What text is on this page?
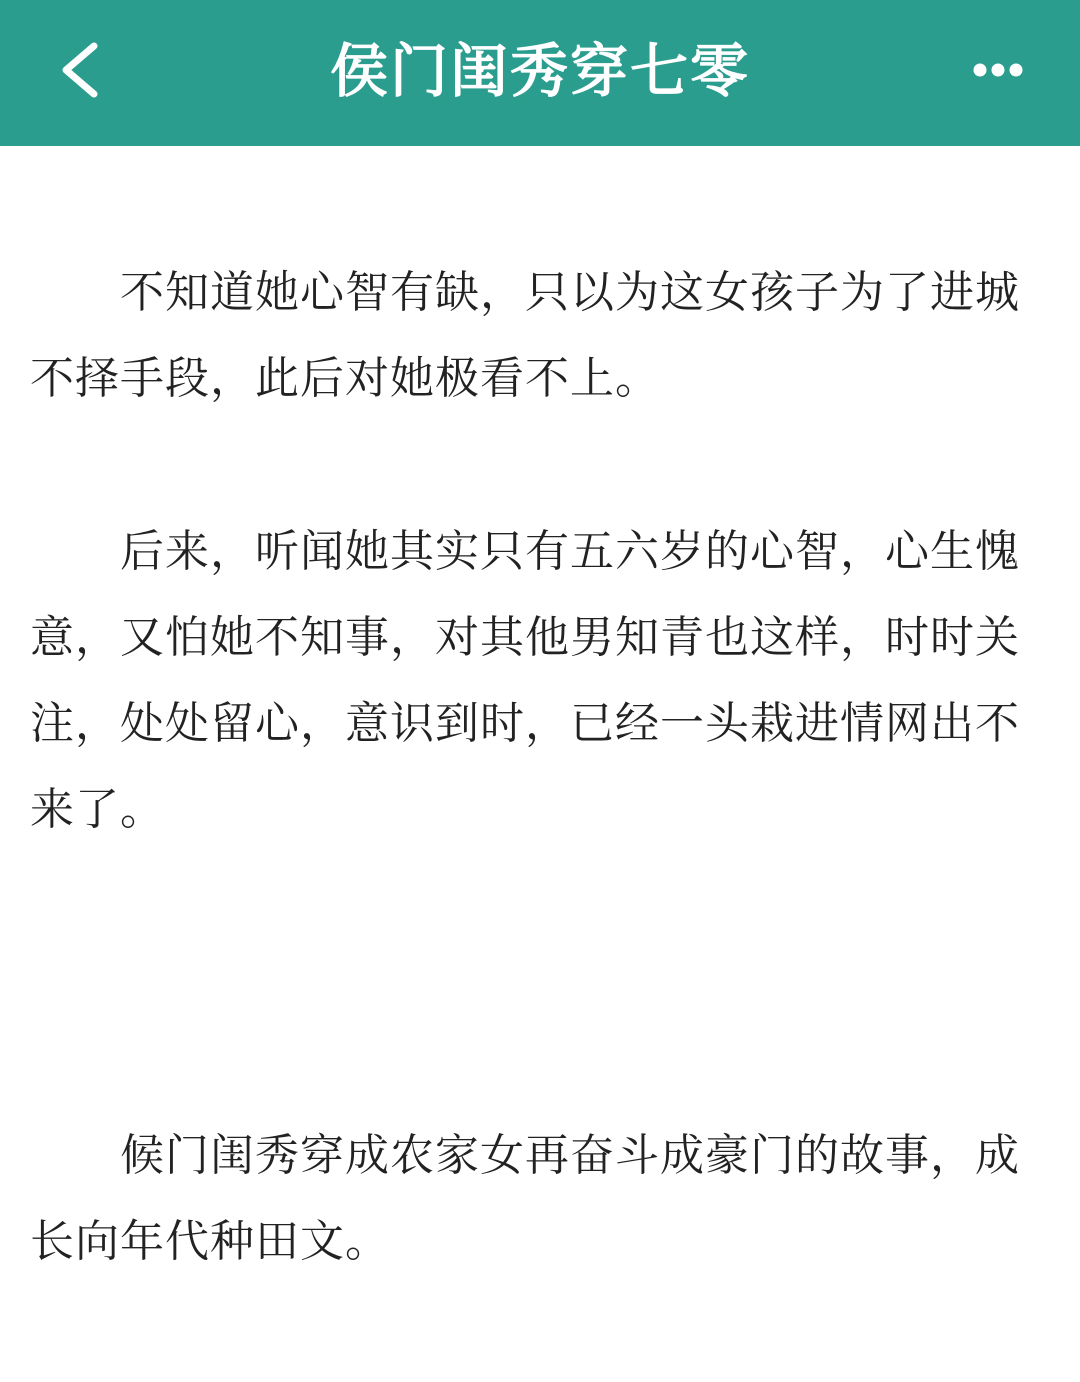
侯门闺秀穿七零

不知道她心智有缺，只以为这女孩子为了进城不择手段，此后对她极看不上。

后来，听闻她其实只有五六岁的心智，心生愧意，又怕她不知事，对其他男知青也这样，时时关注，处处留心，意识到时，已经一头栽进情网出不来了。

候门闺秀穿成农家女再奋斗成豪门的故事，成长向年代种田文。
